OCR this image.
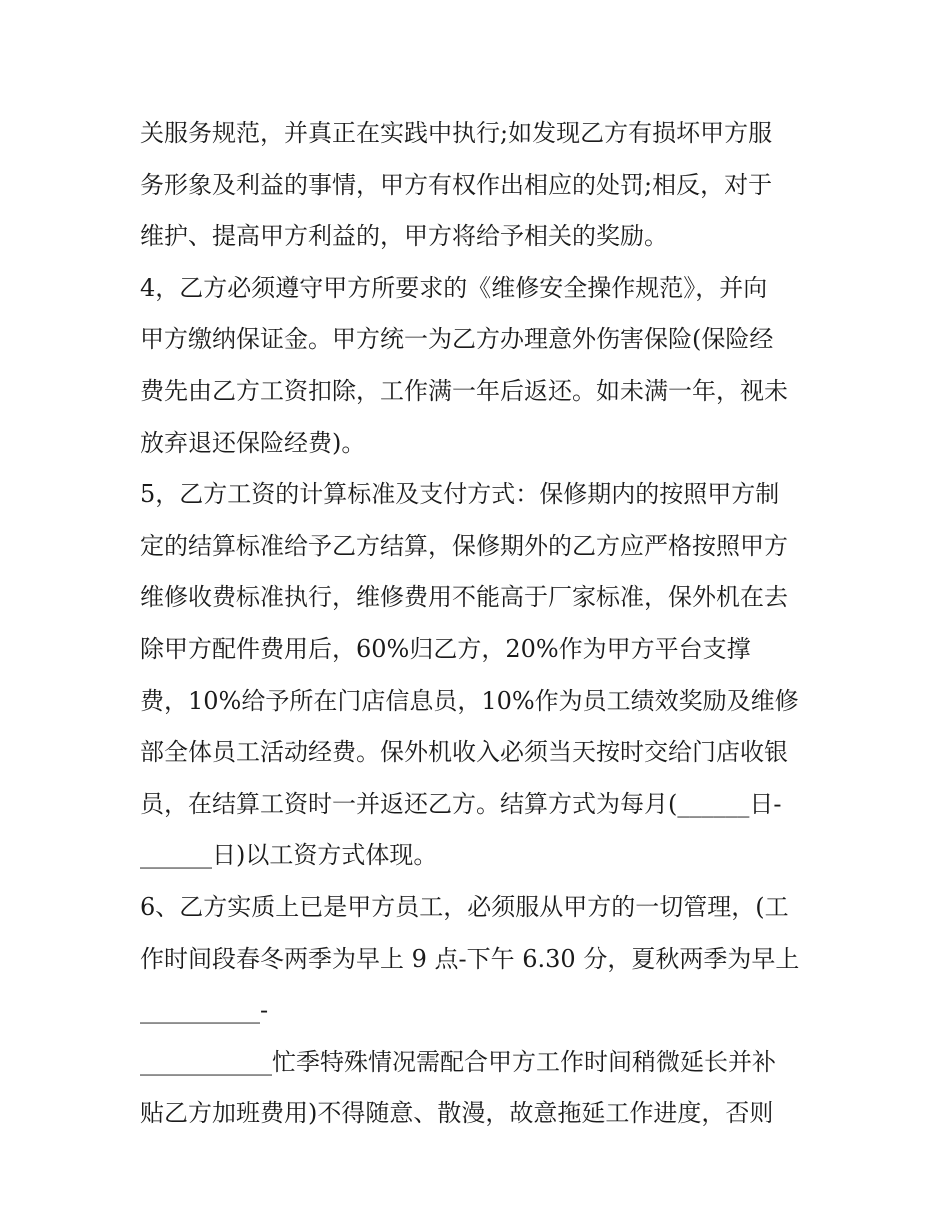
关服务规范，并真正在实践中执行;如发现乙方有损坏甲方服
务形象及利益的事情，甲方有权作出相应的处罚;相反，对于
维护、提高甲方利益的，甲方将给予相关的奖励。
4，乙方必须遵守甲方所要求的《维修安全操作规范》，并向
甲方缴纳保证金。甲方统一为乙方办理意外伤害保险(保险经
费先由乙方工资扣除，工作满一年后返还。如未满一年，视未
放弃退还保险经费)。
5，乙方工资的计算标准及支付方式：保修期内的按照甲方制
定的结算标准给予乙方结算，保修期外的乙方应严格按照甲方
维修收费标准执行，维修费用不能高于厂家标准，保外机在去
除甲方配件费用后，60%归乙方，20%作为甲方平台支撑
费，10%给予所在门店信息员，10%作为员工绩效奖励及维修
部全体员工活动经费。保外机收入必须当天按时交给门店收银
员，在结算工资时一并返还乙方。结算方式为每月(______日-
______日)以工资方式体现。
6、乙方实质上已是甲方员工，必须服从甲方的一切管理，(工
作时间段春冬两季为早上 9 点-下午 6.30 分，夏秋两季为早上
__________-
___________忙季特殊情况需配合甲方工作时间稍微延长并补
贴乙方加班费用)不得随意、散漫，故意拖延工作进度，否则
